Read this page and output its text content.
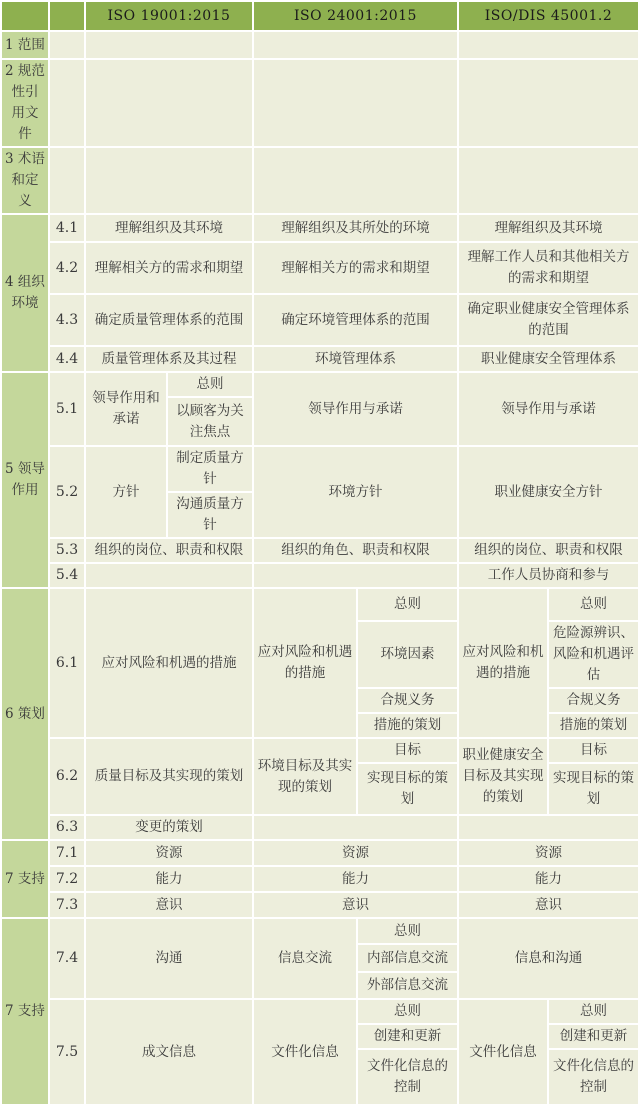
		ISO 19001:2015		ISO 24001:2015		ISO/DIS 45001.2	
1 范围							
2 规范性引用文件							
3 术语和定义							
4 组织环境	4.1	理解组织及其环境		理解组织及其所处的环境		理解组织及其环境	
	4.2	理解相关方的需求和期望		理解相关方的需求和期望		理解工作人员和其他相关方的需求和期望	
	4.3	确定质量管理体系的范围		确定环境管理体系的范围		确定职业健康安全管理体系的范围	
	4.4	质量管理体系及其过程		环境管理体系		职业健康安全管理体系	
5 领导作用	5.1	领导作用和承诺	总则	领导作用与承诺		领导作用与承诺	
			以顾客为关注焦点				
	5.2	方针	制定质量方针	环境方针		职业健康安全方针	
			沟通质量方针				
	5.3	组织的岗位、职责和权限		组织的角色、职责和权限		组织的岗位、职责和权限	
	5.4					工作人员协商和参与	
6 策划	6.1	应对风险和机遇的措施		应对风险和机遇的措施	总则	应对风险和机遇的措施	总则
					环境因素		危险源辨识、风险和机遇评估
					合规义务		合规义务
					措施的策划		措施的策划
	6.2	质量目标及其实现的策划		环境目标及其实现的策划	目标	职业健康安全目标及其实现的策划	目标
					实现目标的策划		实现目标的策划
	6.3	变更的策划					
7 支持	7.1	资源		资源		资源	
	7.2	能力		能力		能力	
	7.3	意识		意识		意识	
7 支持	7.4	沟通		信息交流	总则	信息和沟通	
					内部信息交流		
					外部信息交流		
	7.5	成文信息		文件化信息	总则	文件化信息	总则
					创建和更新		创建和更新
					文件化信息的控制		文件化信息的控制
